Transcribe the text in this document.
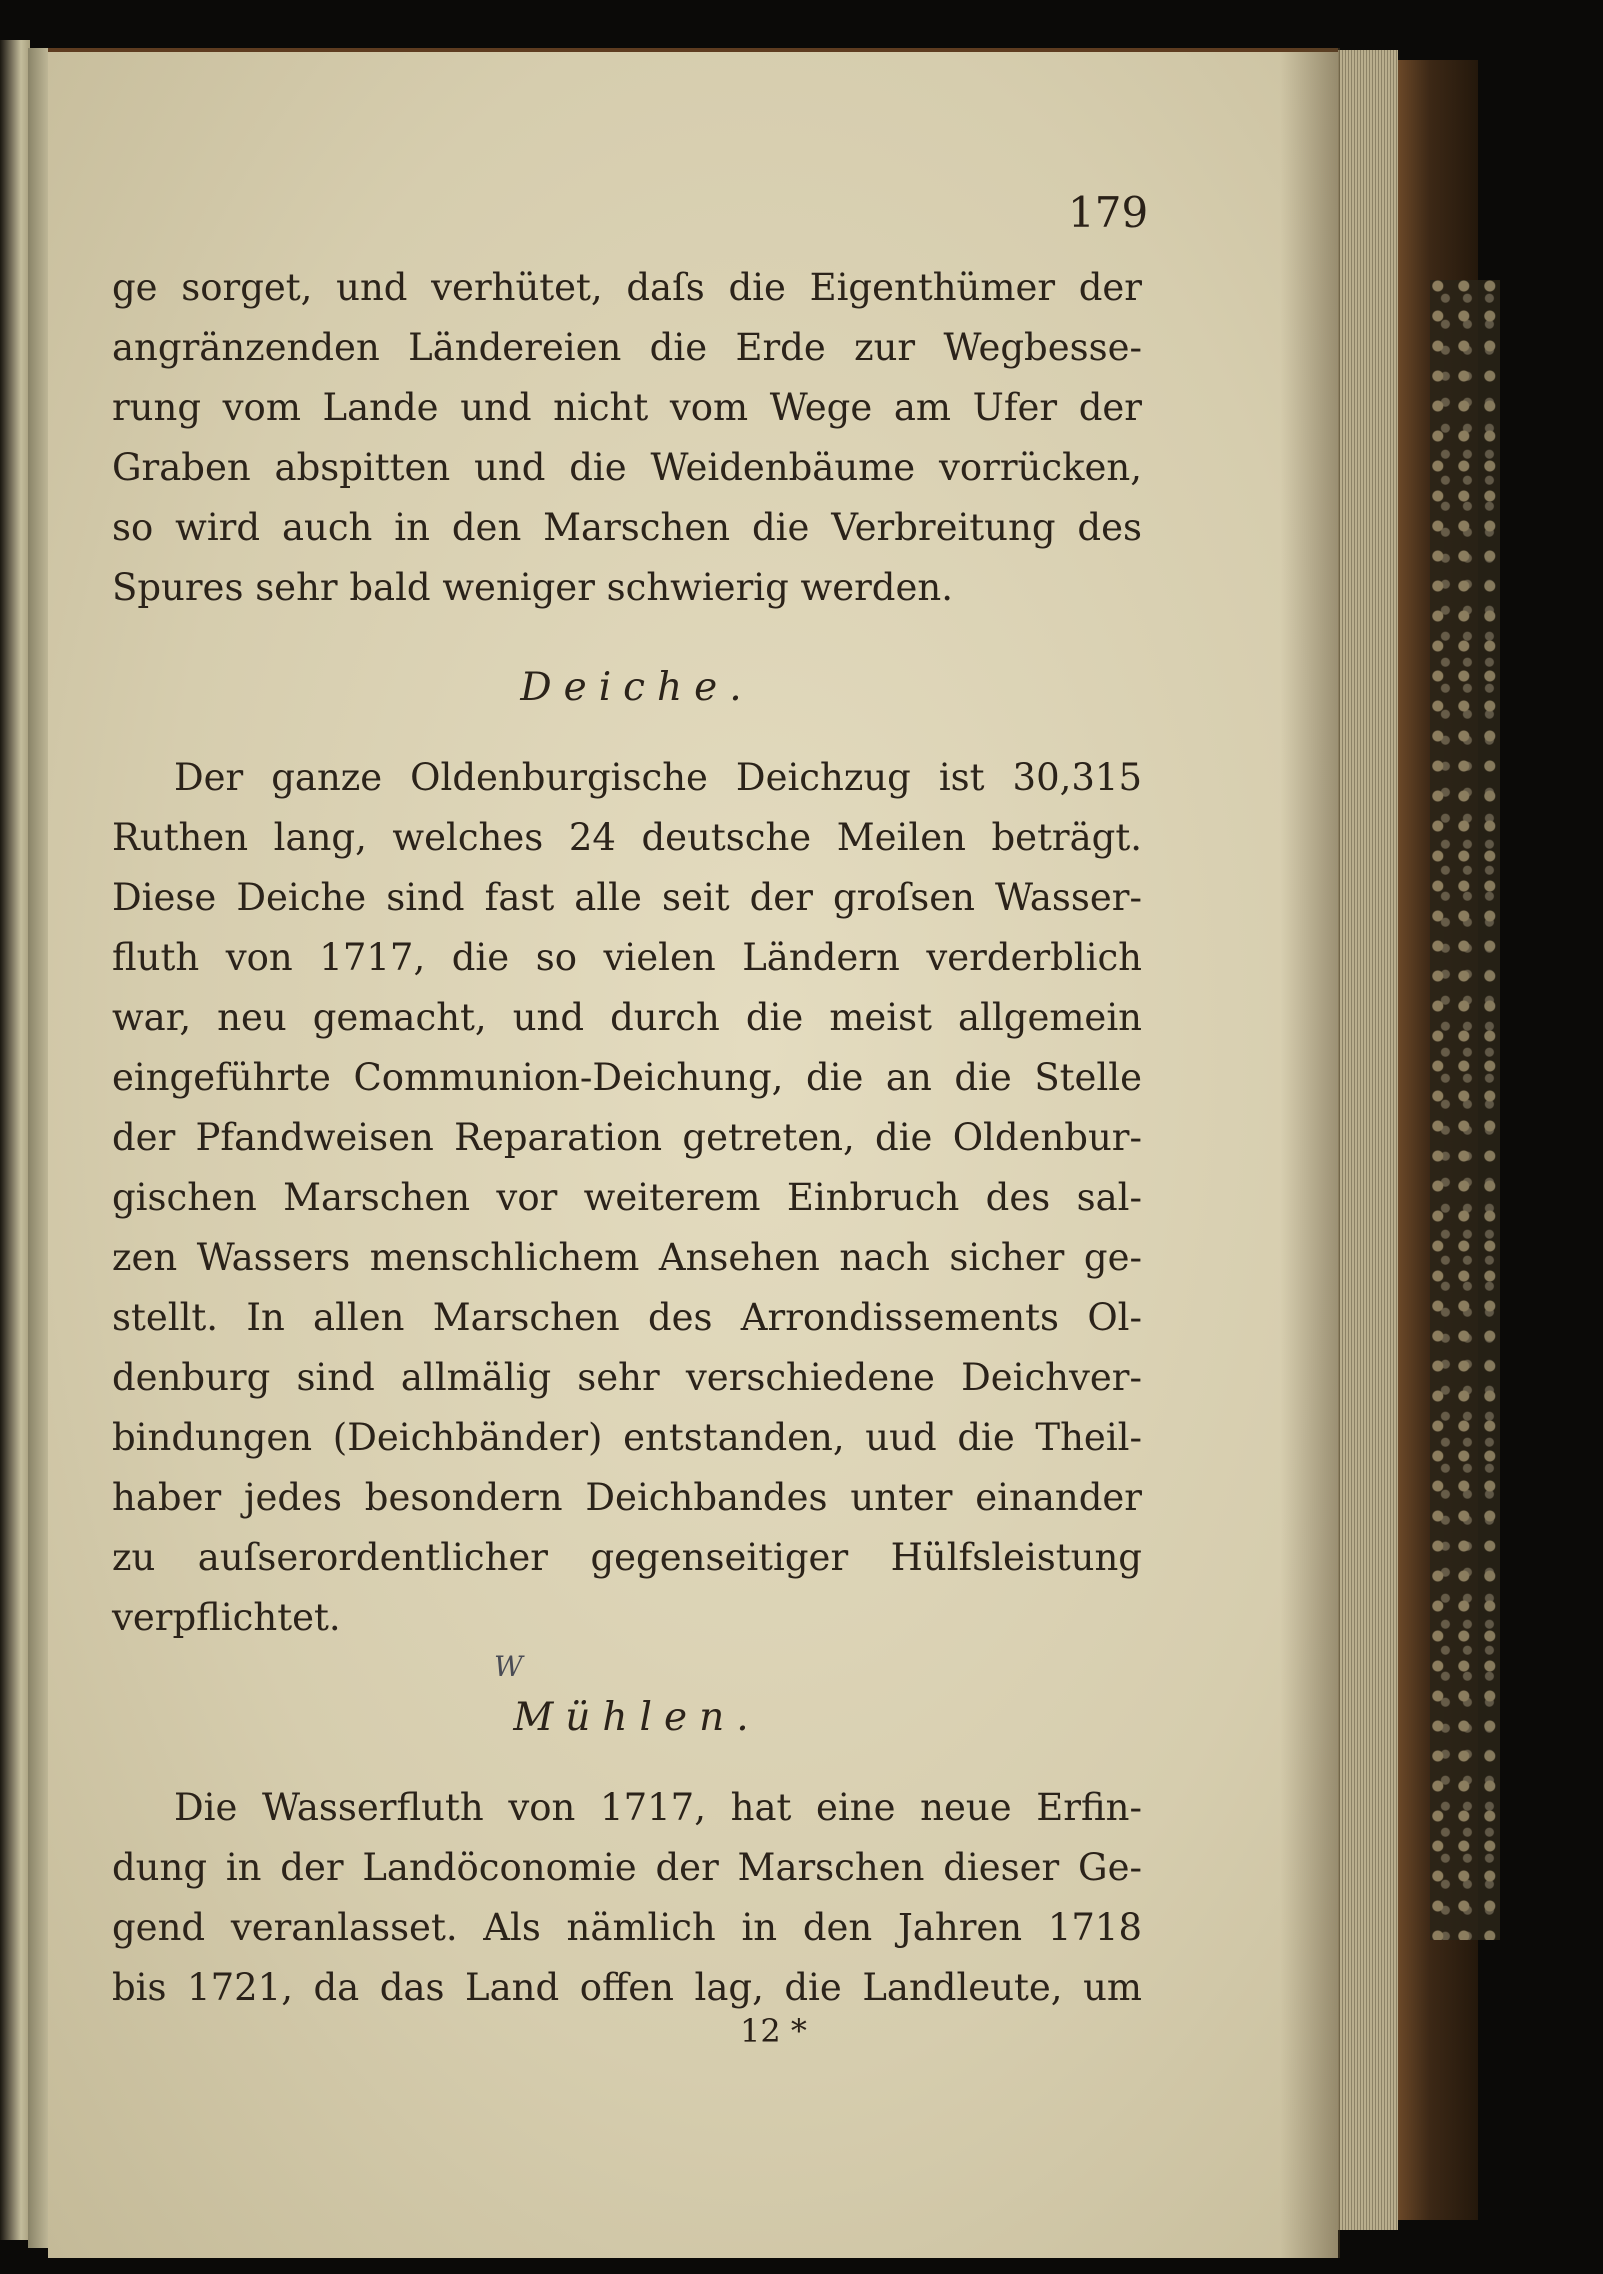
179
ge sorget, und verhütet, daſs die Eigenthümer der
angränzenden Ländereien die Erde zur Wegbesse-
rung vom Lande und nicht vom Wege am Ufer der
Graben abspitten und die Weidenbäume vorrücken,
so wird auch in den Marschen die Verbreitung des
Spures sehr bald weniger schwierig werden.
Deiche.
Der ganze Oldenburgische Deichzug ist 30,315
Ruthen lang, welches 24 deutsche Meilen beträgt.
Diese Deiche sind fast alle seit der groſsen Wasser-
fluth von 1717, die so vielen Ländern verderblich
war, neu gemacht, und durch die meist allgemein
eingeführte Communion-Deichung, die an die Stelle
der Pfandweisen Reparation getreten, die Oldenbur-
gischen Marschen vor weiterem Einbruch des sal-
zen Wassers menschlichem Ansehen nach sicher ge-
stellt. In allen Marschen des Arrondissements Ol-
denburg sind allmälig sehr verschiedene Deichver-
bindungen (Deichbänder) entstanden, uud die Theil-
haber jedes besondern Deichbandes unter einander
zu auſserordentlicher gegenseitiger Hülfsleistung
verpflichtet.
Mühlen.
Die Wasserfluth von 1717, hat eine neue Erfin-
dung in der Landöconomie der Marschen dieser Ge-
gend veranlasset. Als nämlich in den Jahren 1718
bis 1721, da das Land offen lag, die Landleute, um
W
12 *
